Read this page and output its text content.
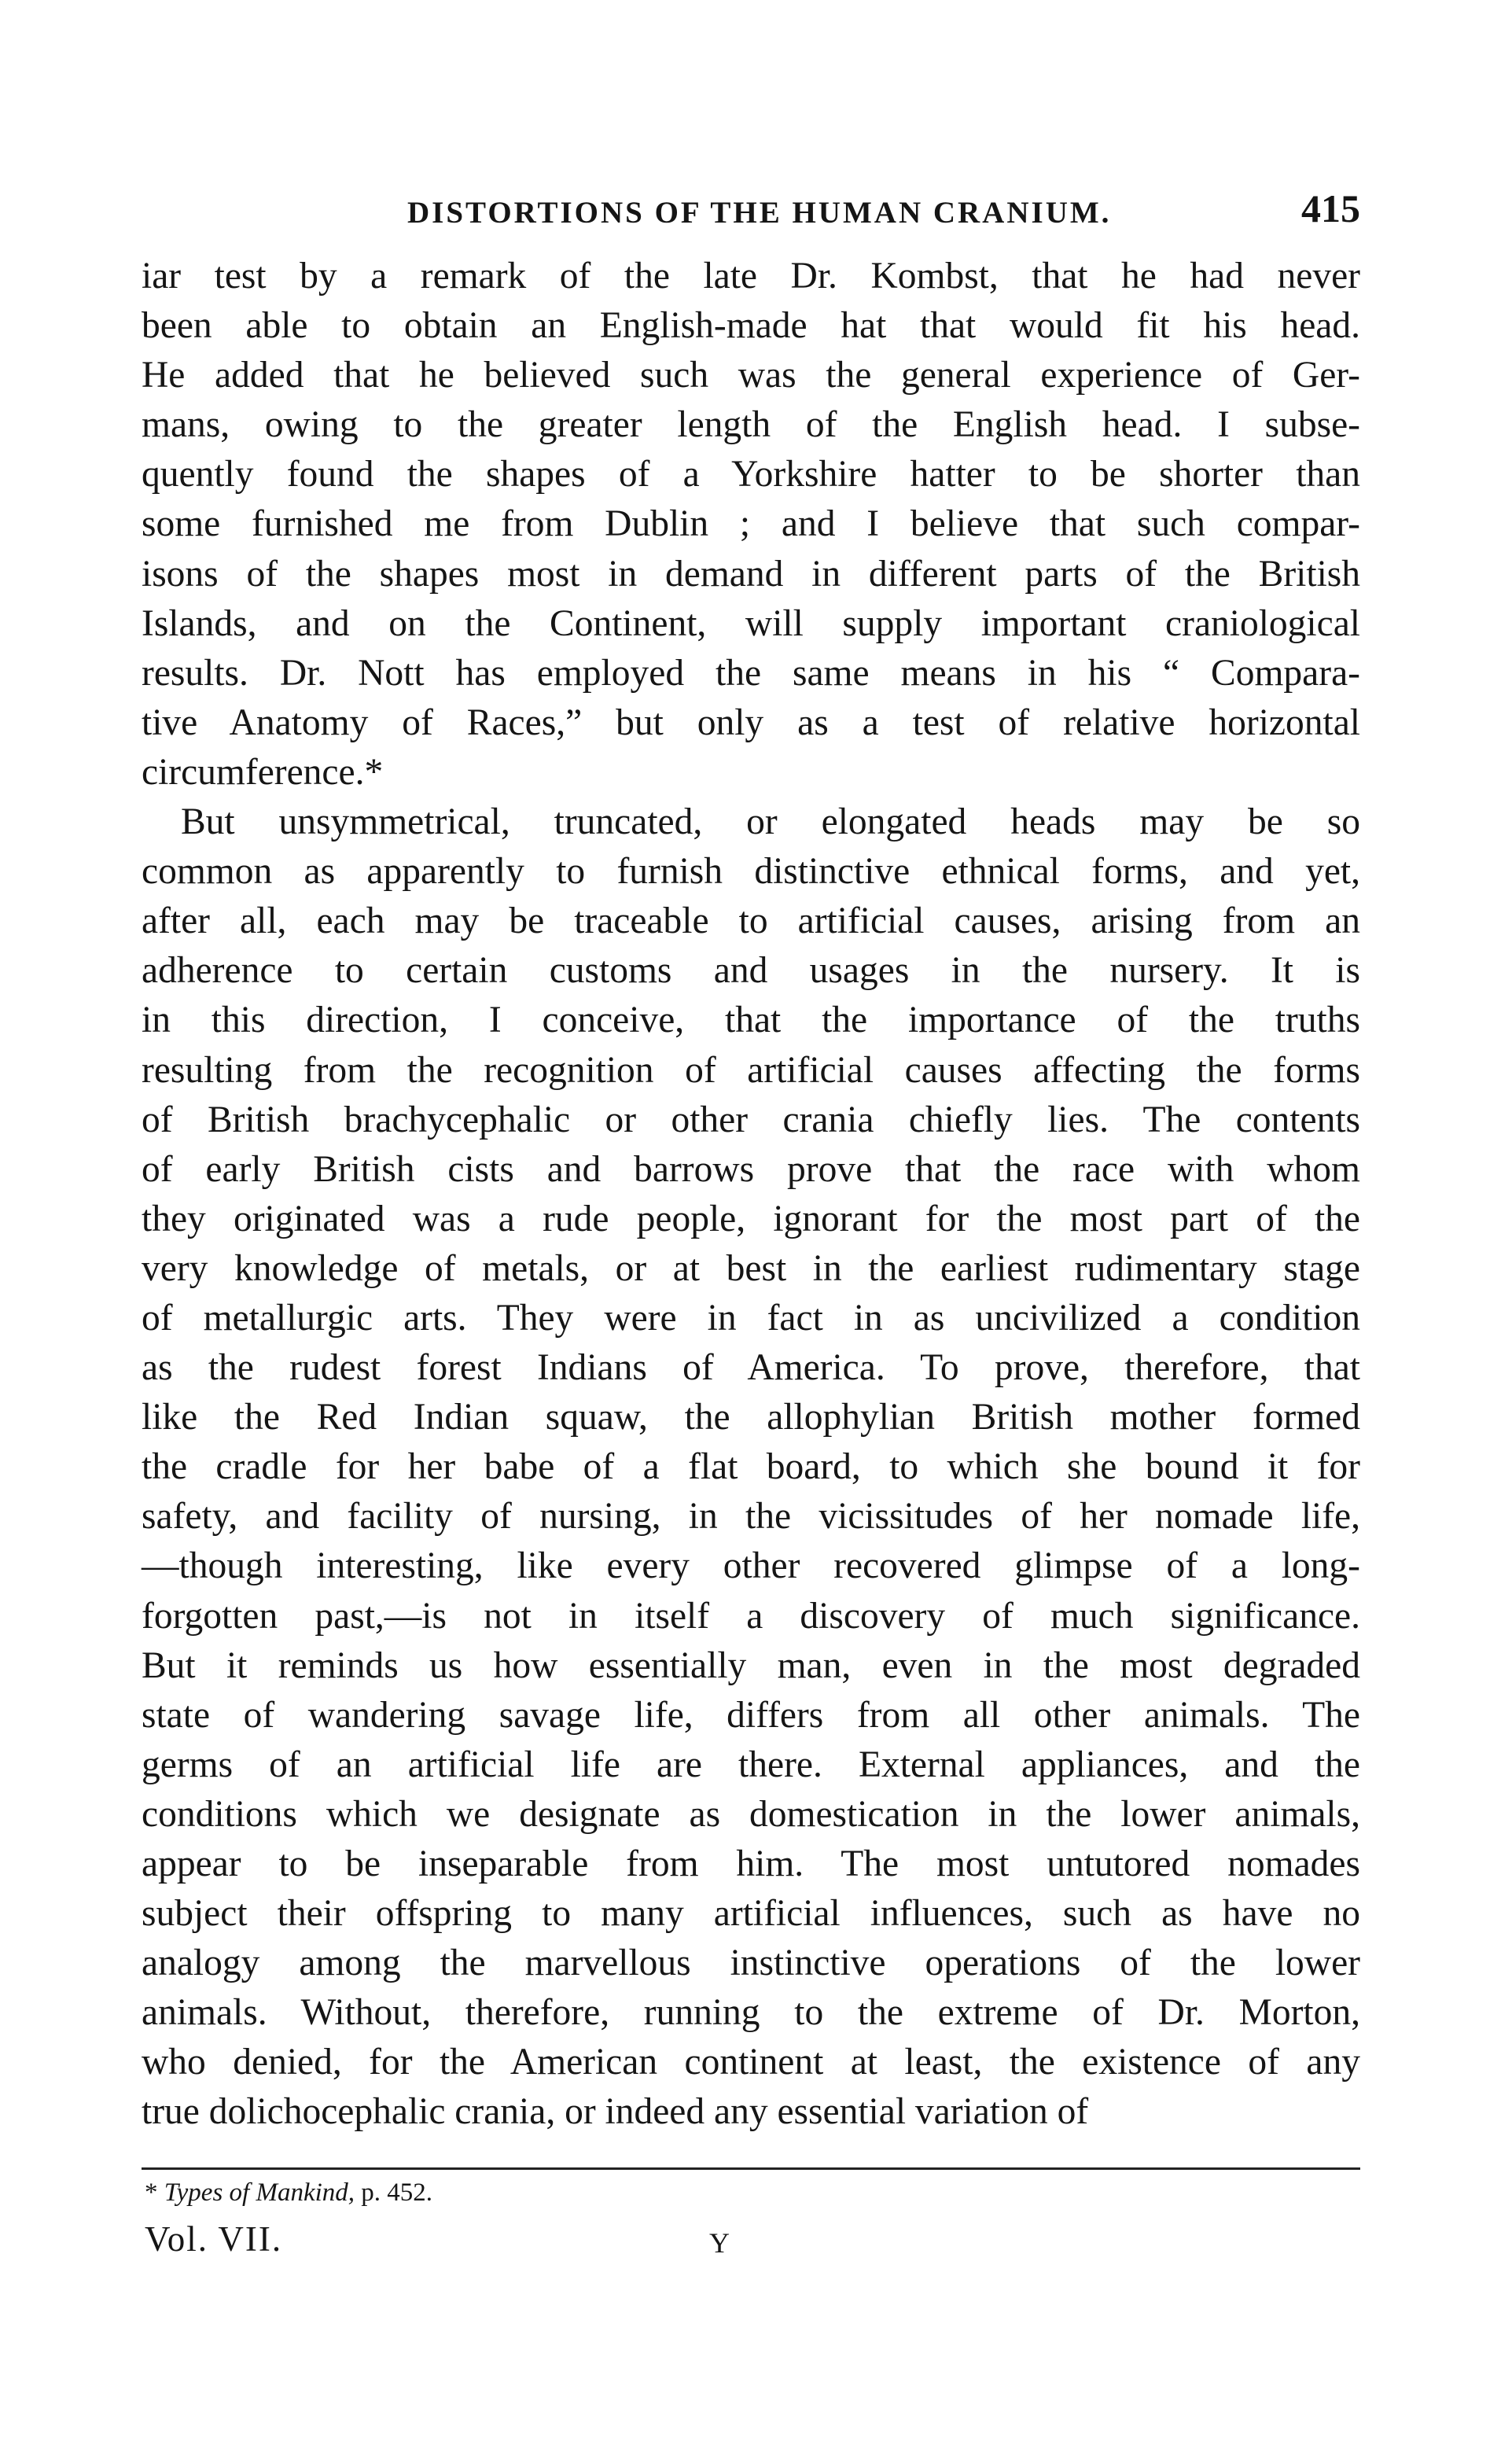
DISTORTIONS OF THE HUMAN CRANIUM.	415
iar test by a remark of the late Dr. Kombst, that he had never
been able to obtain an English-made hat that would fit his head.
He added that he believed such was the general experience of Ger-
mans, owing to the greater length of the English head. I subse-
quently found the shapes of a Yorkshire hatter to be shorter than
some furnished me from Dublin ; and I believe that such compar-
isons of the shapes most in demand in different parts of the British
Islands, and on the Continent, will supply important craniological
results. Dr. Nott has employed the same means in his “ Compara-
tive Anatomy of Races,” but only as a test of relative horizontal
circumference.*
But unsymmetrical, truncated, or elongated heads may be so
common as apparently to furnish distinctive ethnical forms, and yet,
after all, each may be traceable to artificial causes, arising from an
adherence to certain customs and usages in the nursery. It is
in this direction, I conceive, that the importance of the truths
resulting from the recognition of artificial causes affecting the forms
of British brachycephalic or other crania chiefly lies. The contents
of early British cists and barrows prove that the race with whom
they originated was a rude people, ignorant for the most part of the
very knowledge of metals, or at best in the earliest rudimentary stage
of metallurgic arts. They were in fact in as uncivilized a condition
as the rudest forest Indians of America. To prove, therefore, that
like the Red Indian squaw, the allophylian British mother formed
the cradle for her babe of a flat board, to which she bound it for
safety, and facility of nursing, in the vicissitudes of her nomade life,
—though interesting, like every other recovered glimpse of a long-
forgotten past,—is not in itself a discovery of much significance.
But it reminds us how essentially man, even in the most degraded
state of wandering savage life, differs from all other animals. The
germs of an artificial life are there. External appliances, and the
conditions which we designate as domestication in the lower animals,
appear to be inseparable from him. The most untutored nomades
subject their offspring to many artificial influences, such as have no
analogy among the marvellous instinctive operations of the lower
animals. Without, therefore, running to the extreme of Dr. Morton,
who denied, for the American continent at least, the existence of any
true dolichocephalic crania, or indeed any essential variation of
* Types of Mankind, p. 452.
Vol. VII.	Y
